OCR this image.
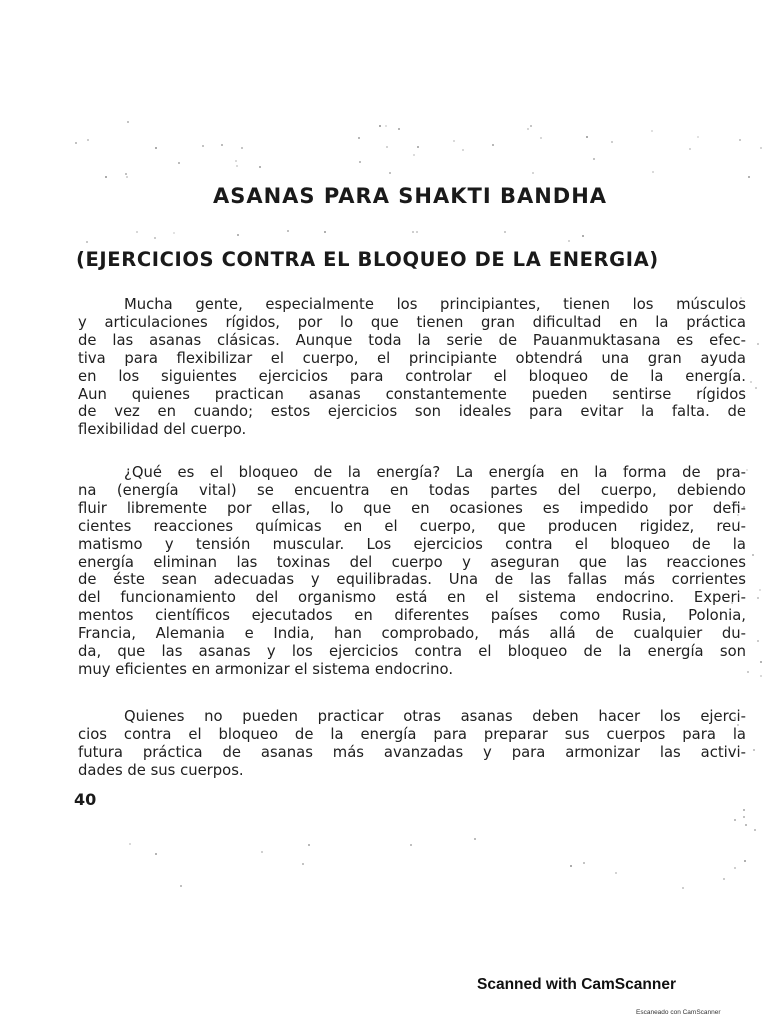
ASANAS PARA SHAKTI BANDHA
(EJERCICIOS CONTRA EL BLOQUEO DE LA ENERGIA)
Mucha gente, especialmente los principiantes, tienen los músculos
y articulaciones rígidos, por lo que tienen gran dificultad en la práctica
de las asanas clásicas. Aunque toda la serie de Pauanmuktasana es efec-
tiva para flexibilizar el cuerpo, el principiante obtendrá una gran ayuda
en los siguientes ejercicios para controlar el bloqueo de la energía.
Aun quienes practican asanas constantemente pueden sentirse rígidos
de vez en cuando; estos ejercicios son ideales para evitar la falta. de
flexibilidad del cuerpo.
¿Qué es el bloqueo de la energía? La energía en la forma de pra-
na (energía vital) se encuentra en todas partes del cuerpo, debiendo
fluir libremente por ellas, lo que en ocasiones es impedido por defi-
cientes reacciones químicas en el cuerpo, que producen rigidez, reu-
matismo y tensión muscular. Los ejercicios contra el bloqueo de la
energía eliminan las toxinas del cuerpo y aseguran que las reacciones
de éste sean adecuadas y equilibradas. Una de las fallas más corrientes
del funcionamiento del organismo está en el sistema endocrino. Experi-
mentos científicos ejecutados en diferentes países como Rusia, Polonia,
Francia, Alemania e India, han comprobado, más allá de cualquier du-
da, que las asanas y los ejercicios contra el bloqueo de la energía son
muy eficientes en armonizar el sistema endocrino.
Quienes no pueden practicar otras asanas deben hacer los ejerci-
cios contra el bloqueo de la energía para preparar sus cuerpos para la
futura práctica de asanas más avanzadas y para armonizar las activi-
dades de sus cuerpos.
40
Scanned with CamScanner
Escaneado con CamScanner
